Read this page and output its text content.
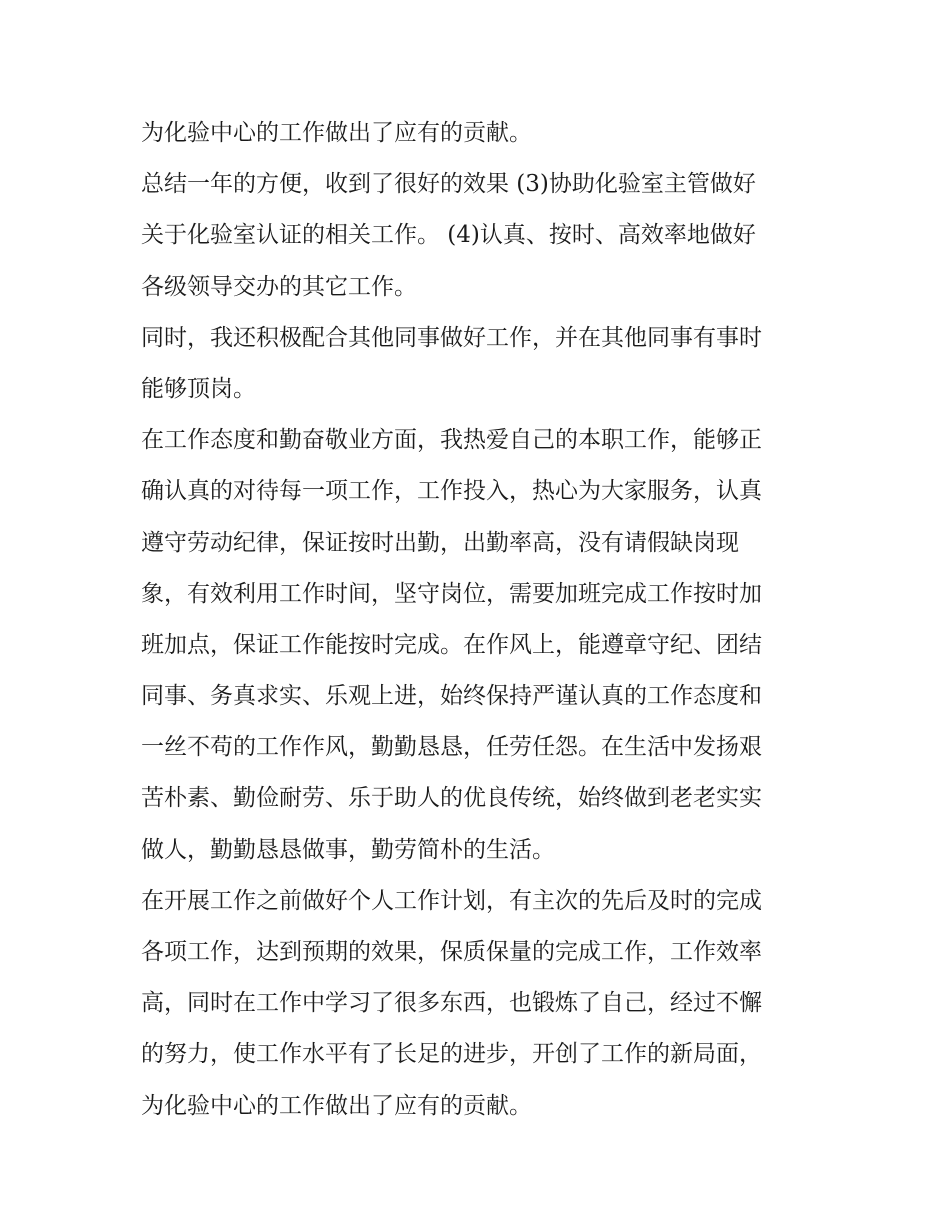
为化验中心的工作做出了应有的贡献。
总结一年的方便，收到了很好的效果 (3)协助化验室主管做好
关于化验室认证的相关工作。 (4)认真、按时、高效率地做好
各级领导交办的其它工作。
同时，我还积极配合其他同事做好工作，并在其他同事有事时
能够顶岗。
在工作态度和勤奋敬业方面，我热爱自己的本职工作，能够正
确认真的对待每一项工作，工作投入，热心为大家服务，认真
遵守劳动纪律，保证按时出勤，出勤率高，没有请假缺岗现
象，有效利用工作时间，坚守岗位，需要加班完成工作按时加
班加点，保证工作能按时完成。在作风上，能遵章守纪、团结
同事、务真求实、乐观上进，始终保持严谨认真的工作态度和
一丝不苟的工作作风，勤勤恳恳，任劳任怨。在生活中发扬艰
苦朴素、勤俭耐劳、乐于助人的优良传统，始终做到老老实实
做人，勤勤恳恳做事，勤劳简朴的生活。
在开展工作之前做好个人工作计划，有主次的先后及时的完成
各项工作，达到预期的效果，保质保量的完成工作，工作效率
高，同时在工作中学习了很多东西，也锻炼了自己，经过不懈
的努力，使工作水平有了长足的进步，开创了工作的新局面，
为化验中心的工作做出了应有的贡献。
